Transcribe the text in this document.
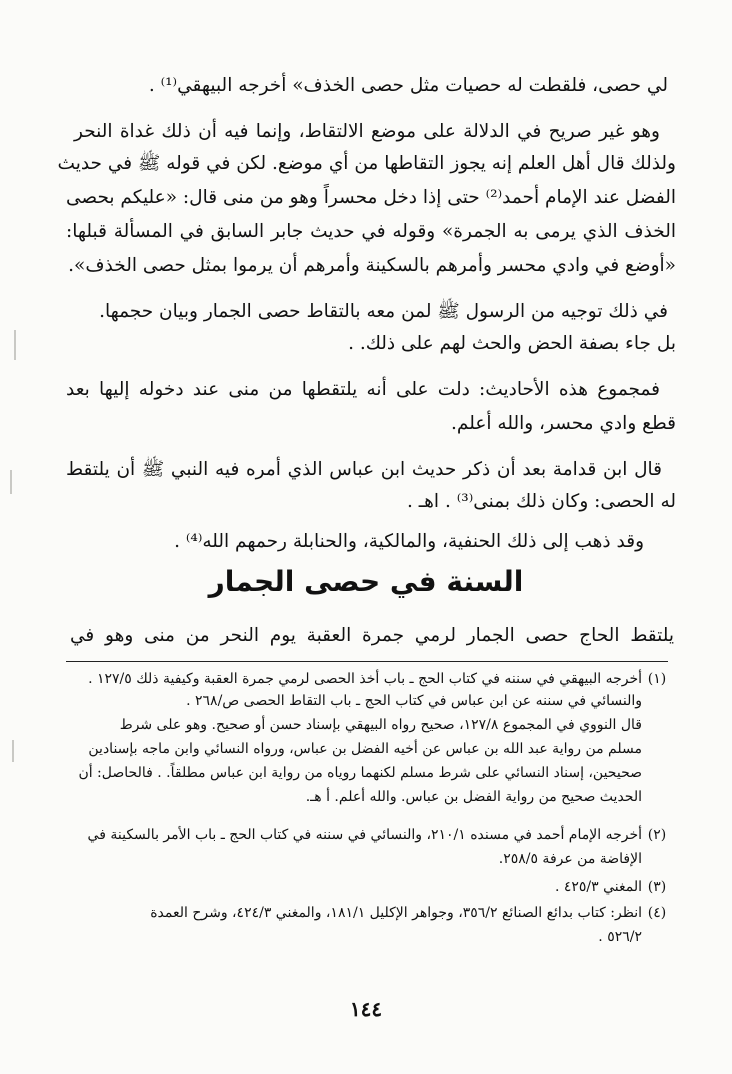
لي حصى، فلقطت له حصيات مثل حصى الخذف» أخرجه البيهقي⁽¹⁾ .
وهو غير صريح في الدلالة على موضع الالتقاط، وإنما فيه أن ذلك غداة النحر
ولذلك قال أهل العلم إنه يجوز التقاطها من أي موضع. لكن في قوله ﷺ في حديث
الفضل عند الإمام أحمد⁽²⁾ حتى إذا دخل محسراً وهو من منى قال: «عليكم بحصى
الخذف الذي يرمى به الجمرة» وقوله في حديث جابر السابق في المسألة قبلها:
«أوضع في وادي محسر وأمرهم بالسكينة وأمرهم أن يرموا بمثل حصى الخذف».
في ذلك توجيه من الرسول ﷺ لمن معه بالتقاط حصى الجمار وبيان حجمها.
بل جاء بصفة الحض والحث لهم على ذلك. .
فمجموع هذه الأحاديث: دلت على أنه يلتقطها من منى عند دخوله إليها بعد
قطع وادي محسر، والله أعلم.
قال ابن قدامة بعد أن ذكر حديث ابن عباس الذي أمره فيه النبي ﷺ أن يلتقط
له الحصى: وكان ذلك بمنى⁽³⁾ . اهـ .
وقد ذهب إلى ذلك الحنفية، والمالكية، والحنابلة رحمهم الله⁽⁴⁾ .
السنة في حصى الجمار
يلتقط الحاج حصى الجمار لرمي جمرة العقبة يوم النحر من منى وهو في
(١)
أخرجه البيهقي في سننه في كتاب الحج ـ باب أخذ الحصى لرمي جمرة العقبة وكيفية ذلك ١٢٧/٥ .
والنسائي في سننه عن ابن عباس في كتاب الحج ـ باب التقاط الحصى ص/٢٦٨ .
قال النووي في المجموع ١٢٧/٨، صحيح رواه البيهقي بإسناد حسن أو صحيح. وهو على شرط
مسلم من رواية عبد الله بن عباس عن أخيه الفضل بن عباس، ورواه النسائي وابن ماجه بإسنادين
صحيحين، إسناد النسائي على شرط مسلم لكنهما روياه من رواية ابن عباس مطلقاً. . فالحاصل: أن
الحديث صحيح من رواية الفضل بن عباس. والله أعلم. أ هـ.
(٢)
أخرجه الإمام أحمد في مسنده ٢١٠/١، والنسائي في سننه في كتاب الحج ـ باب الأمر بالسكينة في
الإفاضة من عرفة ٢٥٨/٥.
(٣)
المغني ٤٢٥/٣ .
(٤)
انظر: كتاب بدائع الصنائع ٣٥٦/٢، وجواهر الإكليل ١٨١/١، والمغني ٤٢٤/٣، وشرح العمدة
٥٢٦/٢ .
١٤٤
